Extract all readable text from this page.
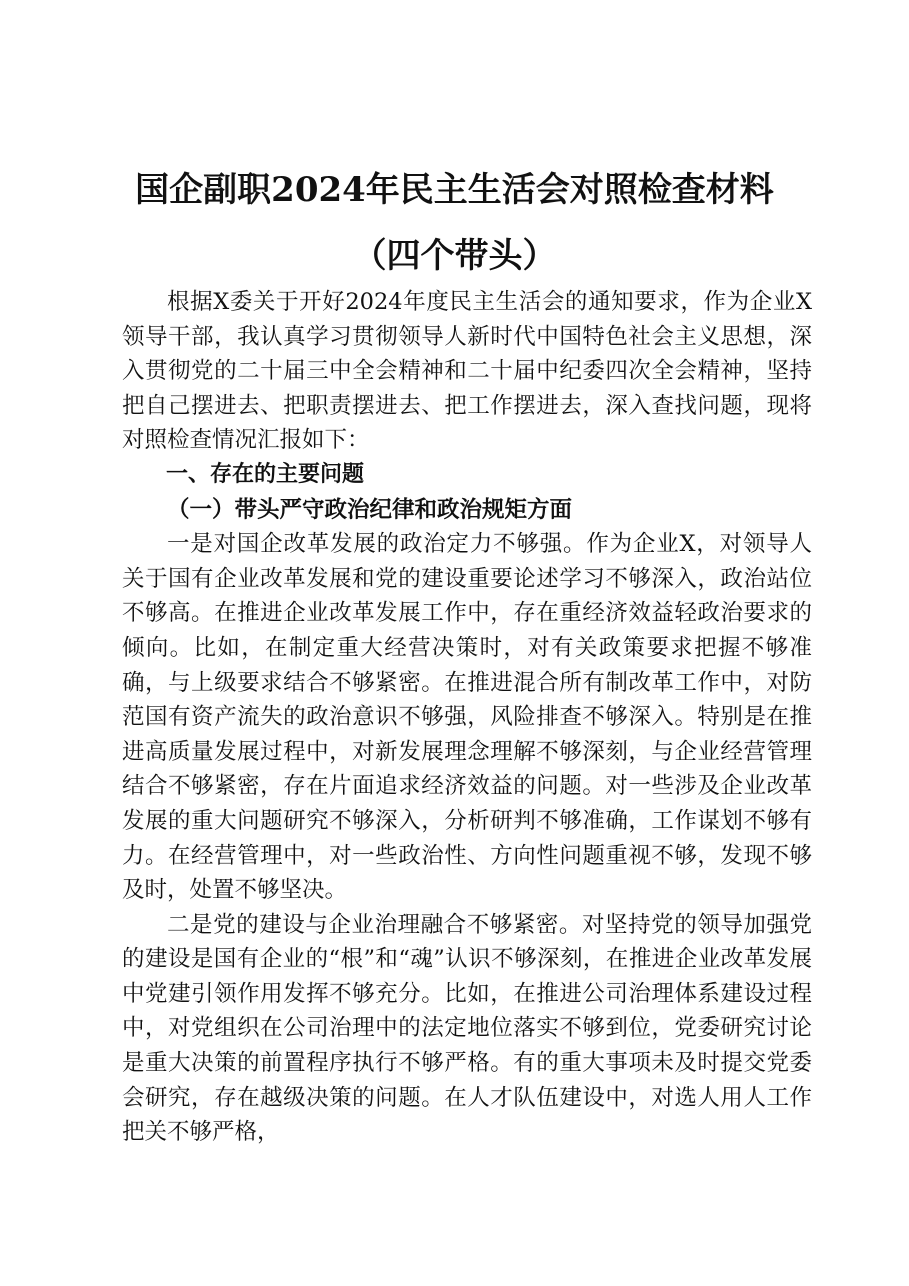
国企副职2024年民主生活会对照检查材料
（四个带头）

根据X委关于开好2024年度民主生活会的通知要求，作为企业X领导干部，我认真学习贯彻领导人新时代中国特色社会主义思想，深入贯彻党的二十届三中全会精神和二十届中纪委四次全会精神，坚持把自己摆进去、把职责摆进去、把工作摆进去，深入查找问题，现将对照检查情况汇报如下：

一、存在的主要问题

（一）带头严守政治纪律和政治规矩方面

一是对国企改革发展的政治定力不够强。作为企业X，对领导人关于国有企业改革发展和党的建设重要论述学习不够深入，政治站位不够高。在推进企业改革发展工作中，存在重经济效益轻政治要求的倾向。比如，在制定重大经营决策时，对有关政策要求把握不够准确，与上级要求结合不够紧密。在推进混合所有制改革工作中，对防范国有资产流失的政治意识不够强，风险排查不够深入。特别是在推进高质量发展过程中，对新发展理念理解不够深刻，与企业经营管理结合不够紧密，存在片面追求经济效益的问题。对一些涉及企业改革发展的重大问题研究不够深入，分析研判不够准确，工作谋划不够有力。在经营管理中，对一些政治性、方向性问题重视不够，发现不够及时，处置不够坚决。

二是党的建设与企业治理融合不够紧密。对坚持党的领导加强党的建设是国有企业的“根”和“魂”认识不够深刻，在推进企业改革发展中党建引领作用发挥不够充分。比如，在推进公司治理体系建设过程中，对党组织在公司治理中的法定地位落实不够到位，党委研究讨论是重大决策的前置程序执行不够严格。有的重大事项未及时提交党委会研究，存在越级决策的问题。在人才队伍建设中，对选人用人工作把关不够严格，
